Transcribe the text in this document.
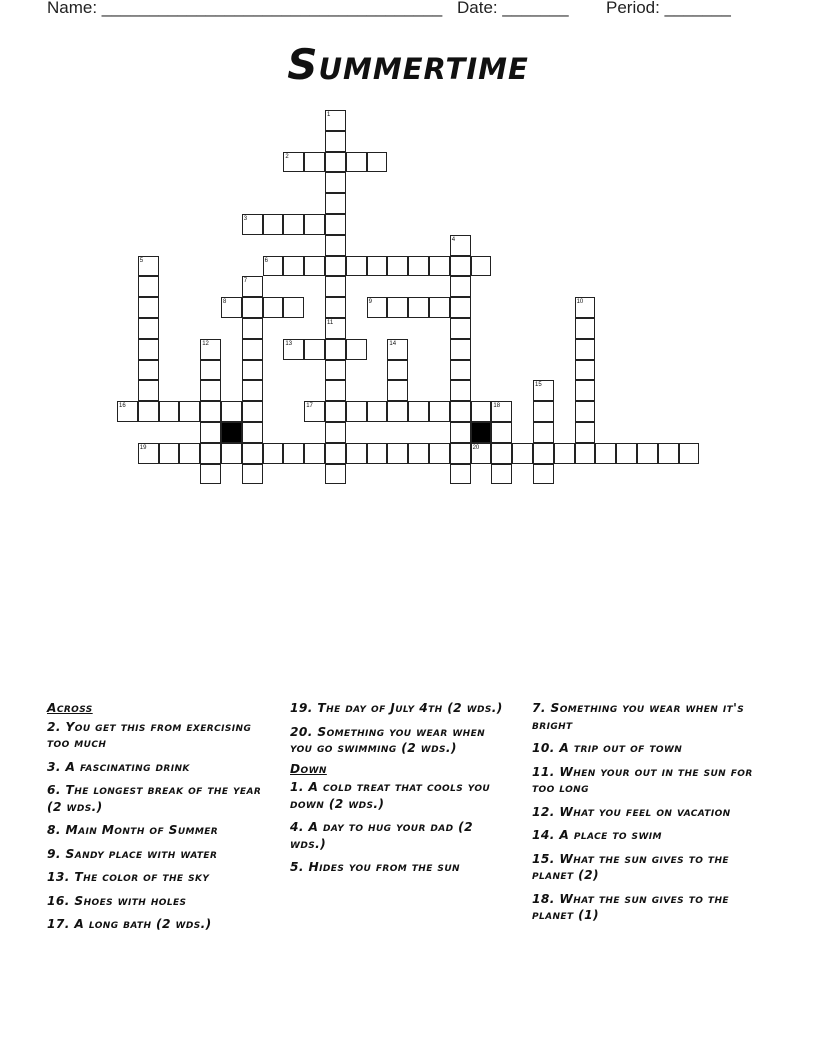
Name: ____________________________________ Date: _______ Period: _______
Summertime
1
2
3
4
5	6
7
8	9	10
11
12	13	14
15
16	17	18
19	20
Across
2. You get this from exercising too much
3. A fascinating drink
6. The longest break of the year (2 wds.)
8. Main Month of Summer
9. Sandy place with water
13. The color of the sky
16. Shoes with holes
17. A long bath (2 wds.)
19. The day of July 4th (2 wds.)
20. Something you wear when you go swimming (2 wds.)
Down
1. A cold treat that cools you down (2 wds.)
4. A day to hug your dad (2 wds.)
5. Hides you from the sun
7. Something you wear when it's bright
10. A trip out of town
11. When your out in the sun for too long
12. What you feel on vacation
14. A place to swim
15. What the sun gives to the planet (2)
18. What the sun gives to the planet (1)
